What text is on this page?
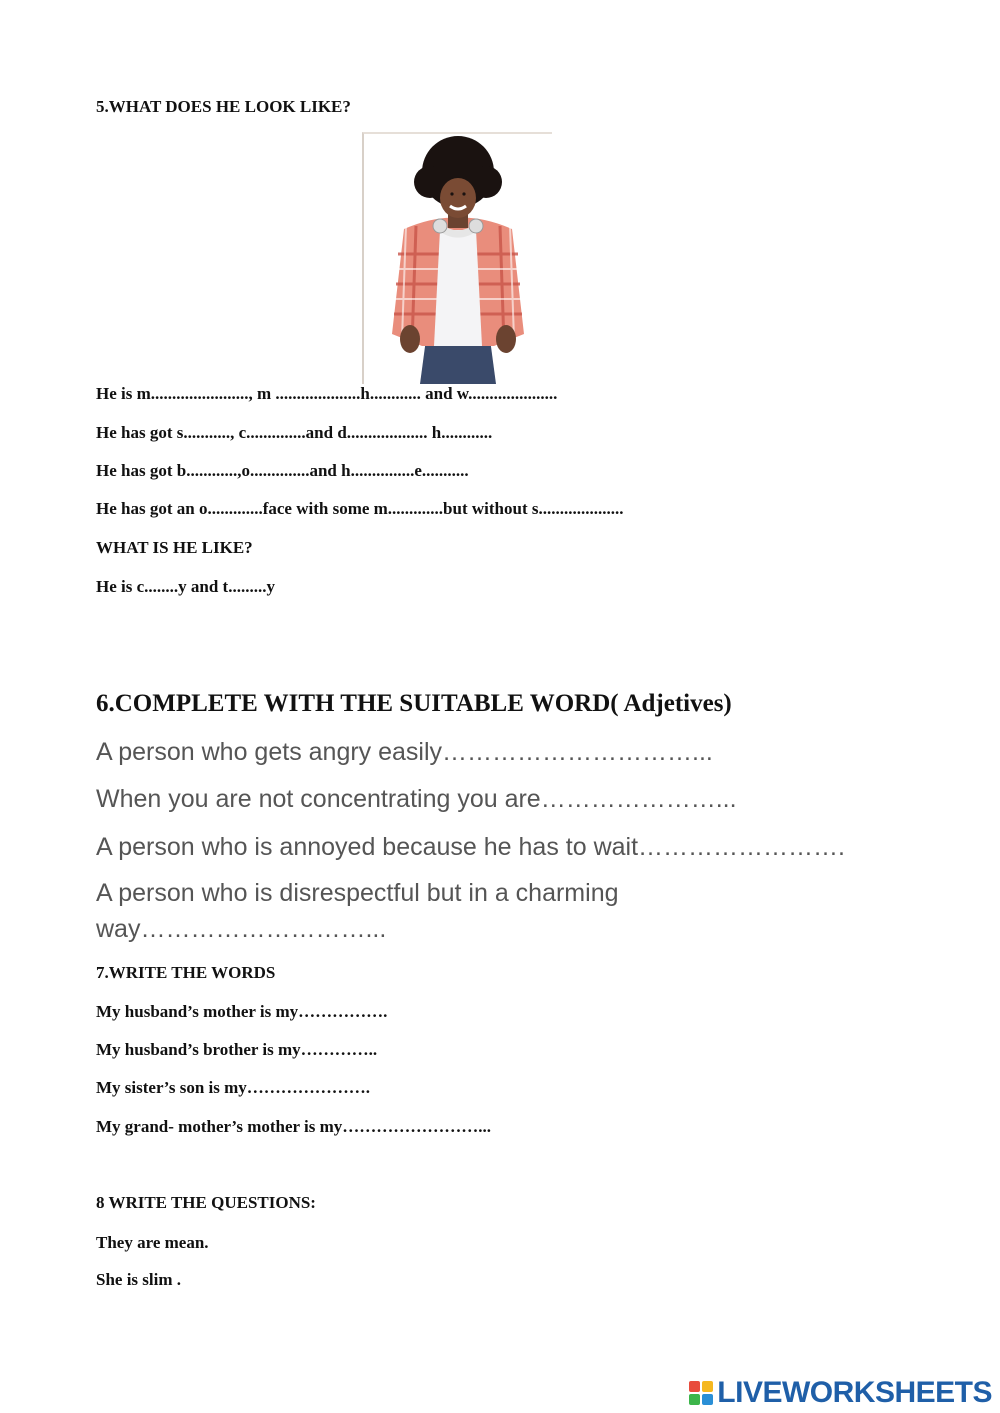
5.WHAT DOES HE LOOK LIKE?
He is m......................., m ....................h............ and w.....................
He has got s..........., c..............and d................... h............
He has got b............,o..............and h...............e...........
He has got an o.............face with some m.............but without s....................
WHAT IS HE LIKE?
He is c........y and t.........y
6.COMPLETE WITH THE SUITABLE WORD( Adjetives)
A person who gets angry easily…………………………...
When you are not concentrating you are…………………...
A person who is annoyed because he has to wait…………………….
A person who is disrespectful but in a charming
way………………………...
7.WRITE THE WORDS
My husband’s mother is my…………….
My husband’s brother is my…………..
My sister’s son is my………………….
My grand- mother’s mother is my……………………...
8 WRITE THE QUESTIONS:
They are mean.
She is slim .
LIVEWORKSHEETS
